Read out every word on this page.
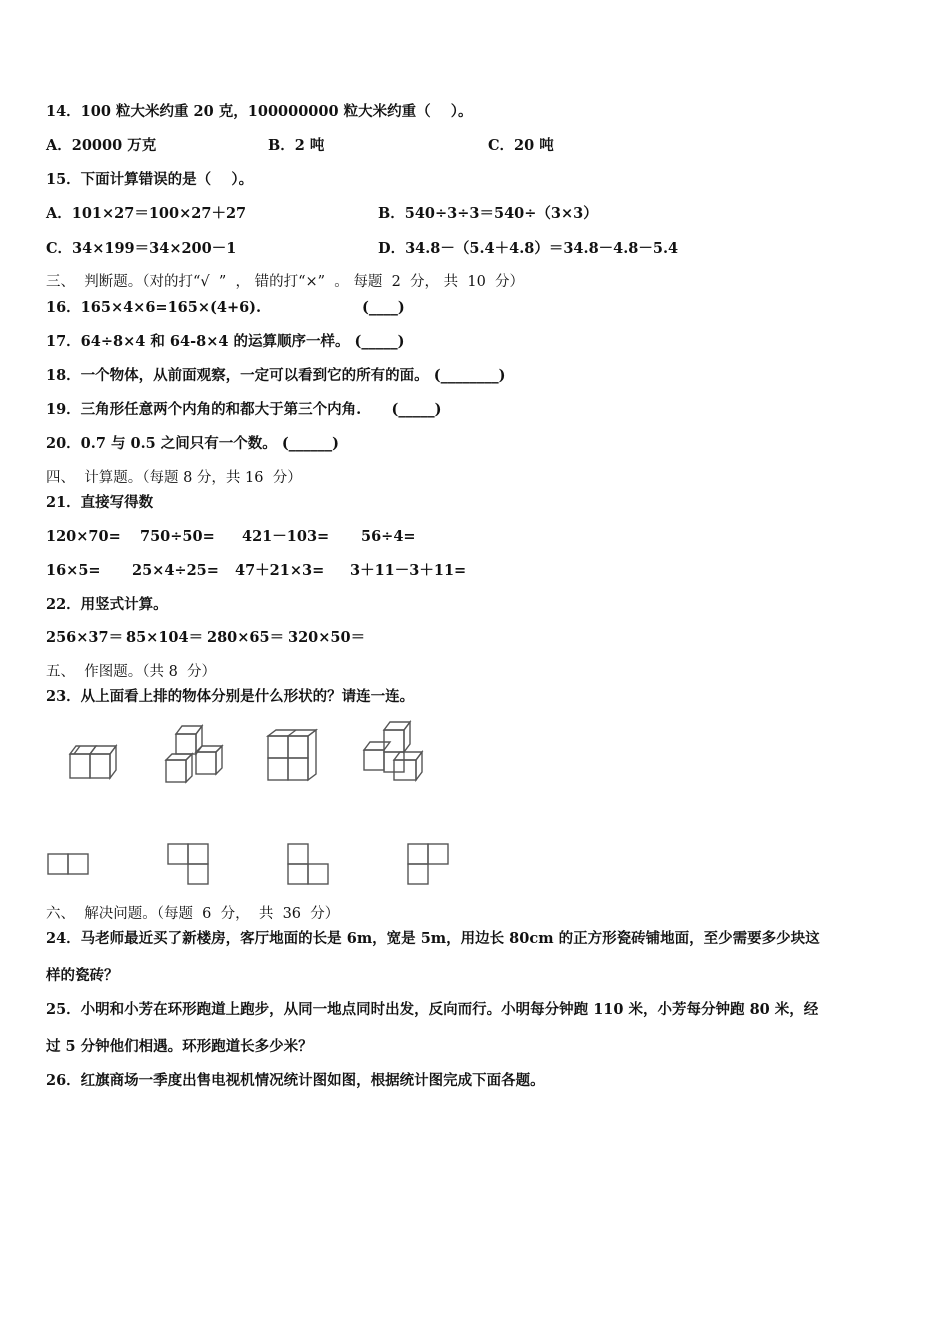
14．100 粒大米约重 20 克，100000000 粒大米约重（    ）。
A．20000 万克	B．2 吨	C．20 吨
15．下面计算错误的是（    ）。
A．101×27＝100×27＋27	B．540÷3÷3＝540÷（3×3）
C．34×199＝34×200－1	D．34.8－（5.4＋4.8）＝34.8－4.8－5.4
三、  判断题。（对的打“√  ”  ， 错的打“×”  。 每题  2  分， 共  10  分）
16．165×4×6=165×(4+6).                    (____)
17．64÷8×4 和 64-8×4 的运算顺序一样。 (_____)
18．一个物体，从前面观察，一定可以看到它的所有的面。 (________)
19．三角形任意两个内角的和都大于第三个内角.      (_____)
20．0.7 与 0.5 之间只有一个数。 (______)
四、  计算题。（每题 8 分，共 16  分）
21．直接写得数
120×70= 750÷50= 421－103= 56÷4=
16×5= 25×4÷25= 47＋21×3= 3＋11－3＋11=
22．用竖式计算。
256×37＝ 85×104＝ 280×65＝ 320×50＝
五、  作图题。（共 8  分）
23．从上面看上排的物体分别是什么形状的？请连一连。
六、  解决问题。（每题  6  分，  共  36  分）
24．马老师最近买了新楼房，客厅地面的长是 6m，宽是 5m，用边长 80cm 的正方形瓷砖铺地面，至少需要多少块这
样的瓷砖？
25．小明和小芳在环形跑道上跑步，从同一地点同时出发，反向而行。小明每分钟跑 110 米，小芳每分钟跑 80 米，经
过 5 分钟他们相遇。环形跑道长多少米？
26．红旗商场一季度出售电视机情况统计图如图，根据统计图完成下面各题。
